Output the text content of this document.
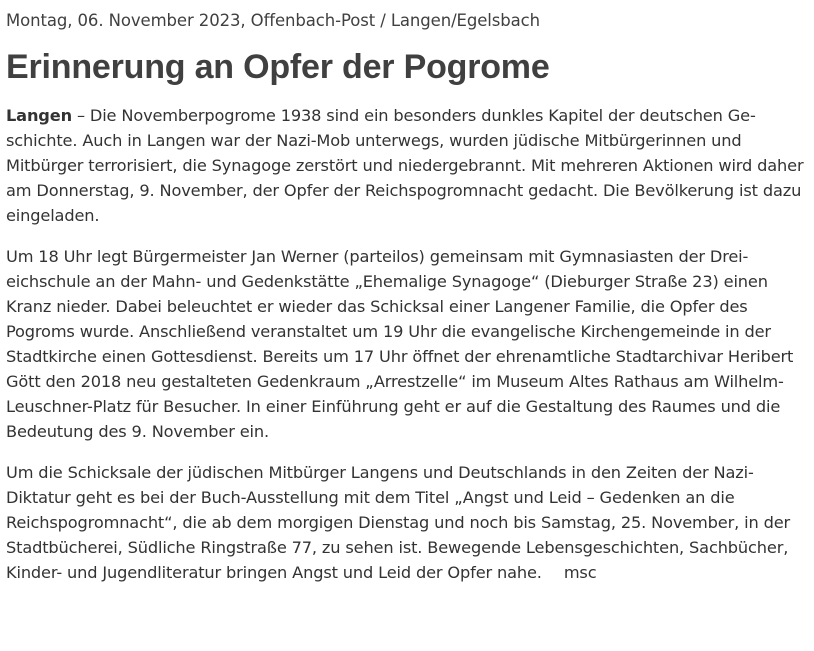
Montag, 06. November 2023, Offenbach-Post / Langen/Egelsbach

Erinnerung an Opfer der Pogrome

Langen – Die Novemberpogrome 1938 sind ein besonders dunkles Kapitel der deutschen Geschichte. Auch in Langen war der Nazi-Mob unterwegs, wurden jüdische Mitbürgerinnen und Mitbürger terrorisiert, die Synagoge zerstört und niedergebrannt. Mit mehreren Aktionen wird daher am Donnerstag, 9. November, der Opfer der Reichspogromnacht gedacht. Die Bevölkerung ist dazu eingeladen.

Um 18 Uhr legt Bürgermeister Jan Werner (parteilos) gemeinsam mit Gymnasiasten der Dreieichschule an der Mahn- und Gedenkstätte „Ehemalige Synagoge“ (Dieburger Straße 23) einen Kranz nieder. Dabei beleuchtet er wieder das Schicksal einer Langener Familie, die Opfer des Pogroms wurde. Anschließend veranstaltet um 19 Uhr die evangelische Kirchengemeinde in der Stadtkirche einen Gottesdienst. Bereits um 17 Uhr öffnet der ehrenamtliche Stadtarchivar Heribert Gött den 2018 neu gestalteten Gedenkraum „Arrestzelle“ im Museum Altes Rathaus am Wilhelm-Leuschner-Platz für Besucher. In einer Einführung geht er auf die Gestaltung des Raumes und die Bedeutung des 9. November ein.

Um die Schicksale der jüdischen Mitbürger Langens und Deutschlands in den Zeiten der Nazi-Diktatur geht es bei der Buch-Ausstellung mit dem Titel „Angst und Leid – Gedenken an die Reichspogromnacht“, die ab dem morgigen Dienstag und noch bis Samstag, 25. November, in der Stadtbücherei, Südliche Ringstraße 77, zu sehen ist. Bewegende Lebensgeschichten, Sachbücher, Kinder- und Jugendliteratur bringen Angst und Leid der Opfer nahe. msc
